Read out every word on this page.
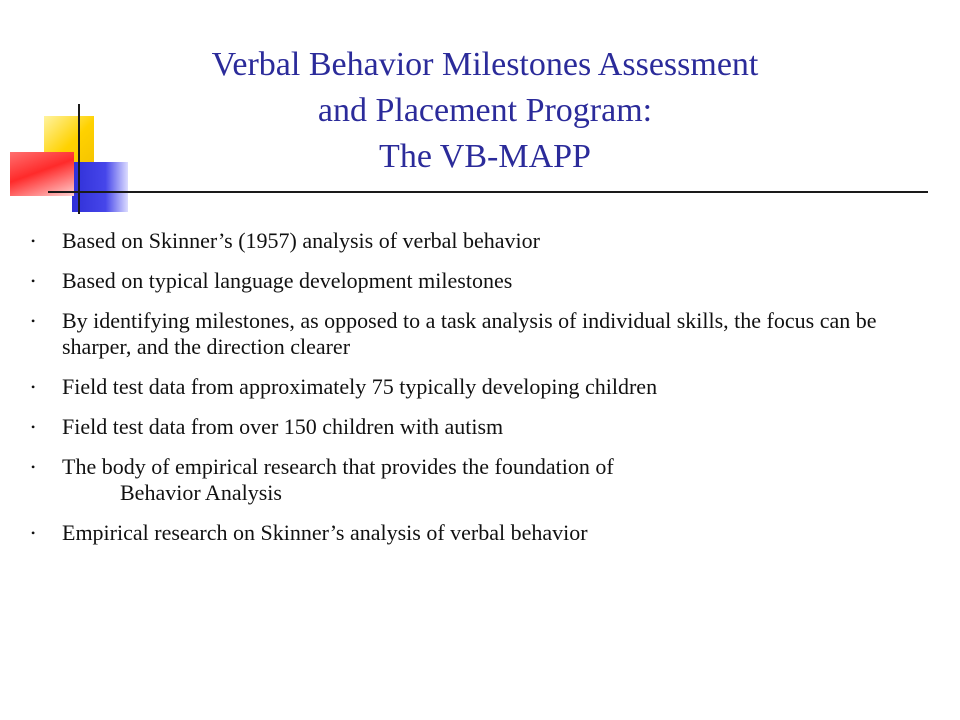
Verbal Behavior Milestones Assessment
and Placement Program:
The VB-MAPP
• Based on Skinner’s (1957) analysis of verbal behavior
• Based on typical language development milestones
• By identifying milestones, as opposed to a task analysis of individual skills, the focus can be sharper, and the direction clearer
• Field test data from approximately 75 typically developing children
• Field test data from over 150 children with autism
• The body of empirical research that provides the foundation of
Behavior Analysis
• Empirical research on Skinner’s analysis of verbal behavior
